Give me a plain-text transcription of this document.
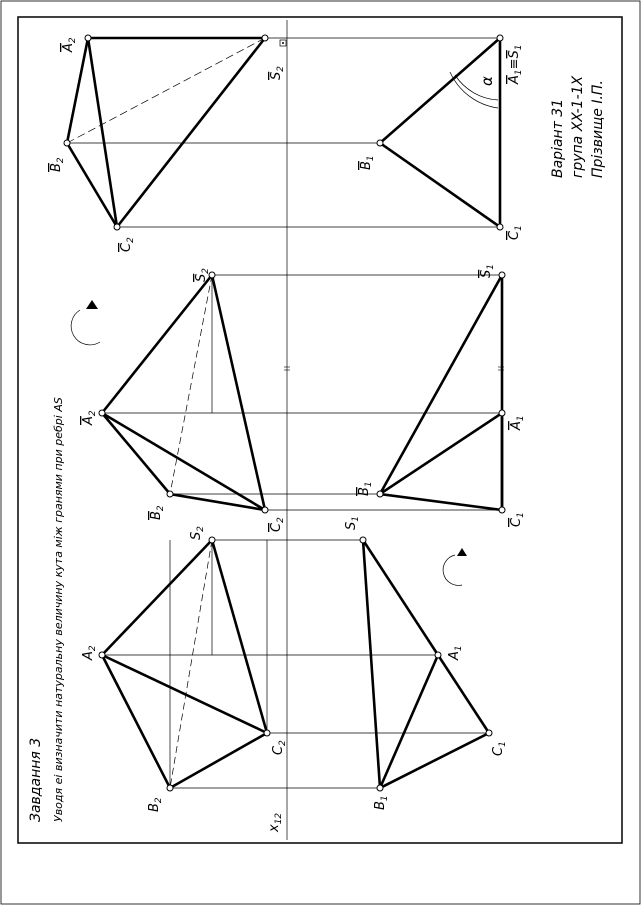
$A_2$
$S_2$
$C_2$
$B_2$
$S_1$
$A_1$
$C_1$
$B_1$
$A_2$
$S_2$
$C_2$
$B_2$
$S_1$
$A_1$
$C_1$
$B_1$
$A_2$
$B_2$
$C_2$
$S_2$
$B_1$
$C_1$
$A_1\equiv S_1$
α
$x_{12}$
Завдання 3 Уводя ei визначити натуральну величину кута між гранями при ребрі AS
Варіант 31 група XX-1-1X Прізвище І.П.
